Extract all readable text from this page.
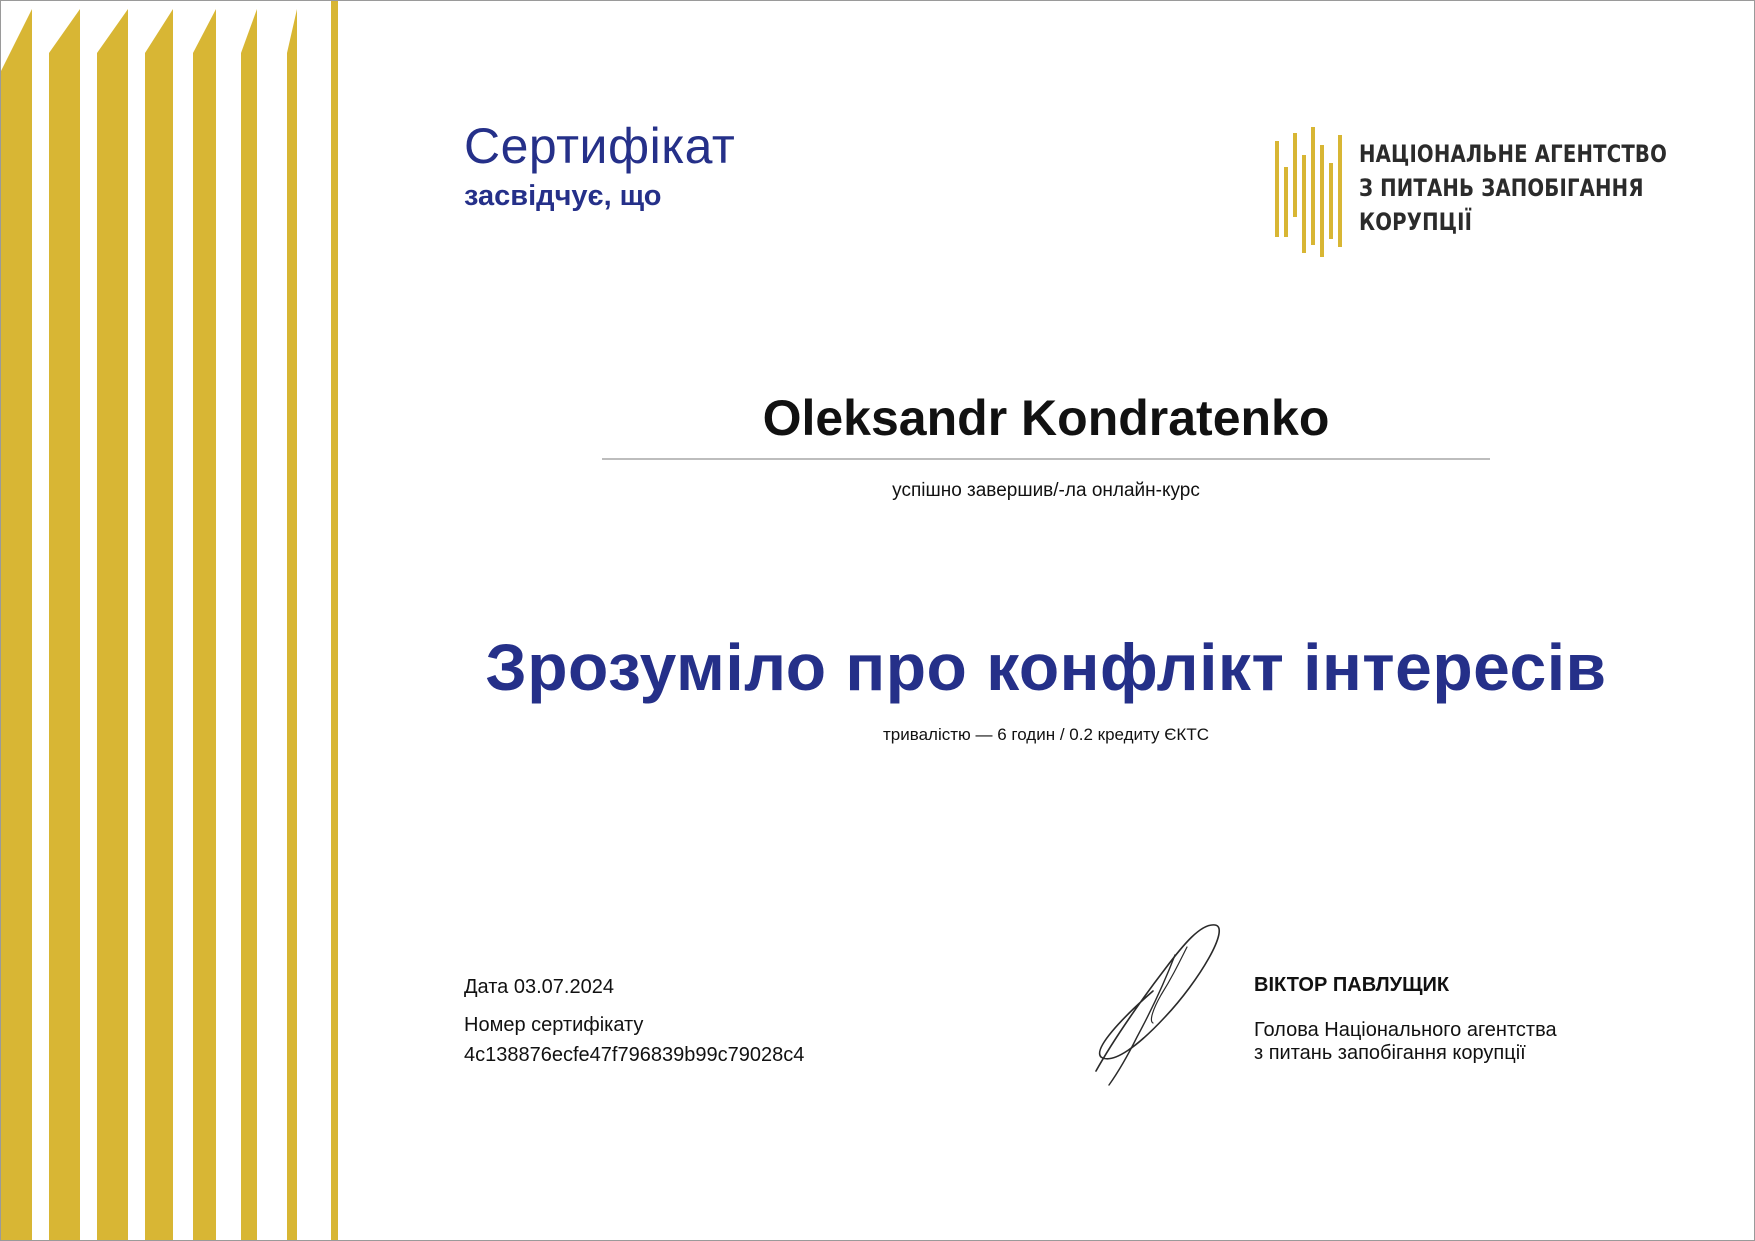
Сертифікат
засвідчує, що
НАЦІОНАЛЬНЕ АГЕНТСТВО
З ПИТАНЬ ЗАПОБІГАННЯ
КОРУПЦІЇ
Oleksandr Kondratenko
успішно завершив/-ла онлайн-курс
Зрозуміло про конфлікт інтересів
тривалістю — 6 годин / 0.2 кредиту ЄКТС
Дата 03.07.2024
Номер сертифікату
4c138876ecfe47f796839b99c79028c4
ВІКТОР ПАВЛУЩИК
Голова Національного агентства
з питань запобігання корупції
